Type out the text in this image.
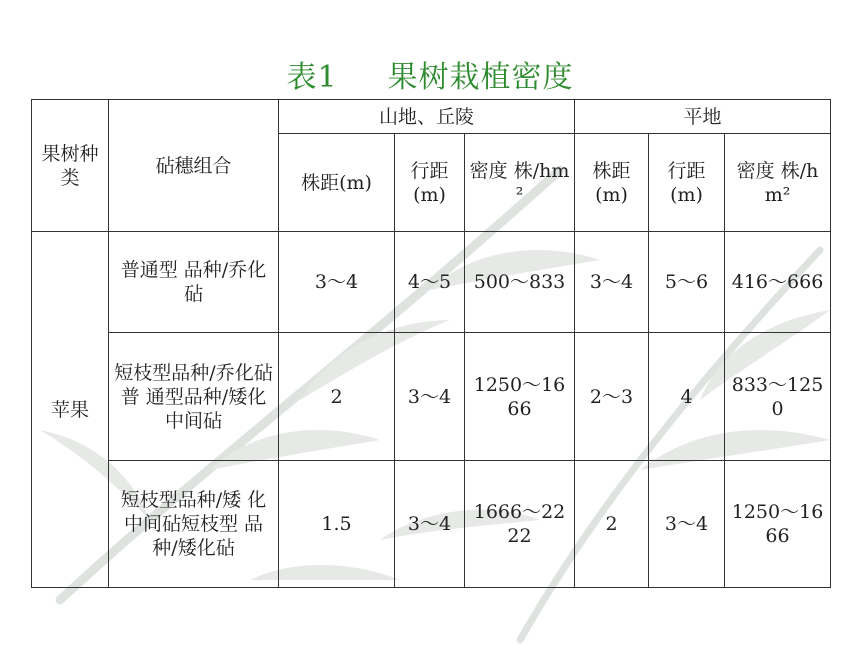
表1 果树栽植密度
果树种类	砧穗组合	山地、丘陵			平地		
		株距(m)	行距(m)	密度 株/hm²	株距(m)	行距(m)	密度 株/hm²
苹果	普通型 品种/乔化砧	3～4	4～5	500～833	3～4	5～6	416～666
	短枝型品种/乔化砧普 通型品种/矮化中间砧	2	3～4	1250～1666	2～3	4	833～1250
	短枝型品种/矮 化中间砧短枝型 品种/矮化砧	1.5	3～4	1666～2222	2	3～4	1250～1666
